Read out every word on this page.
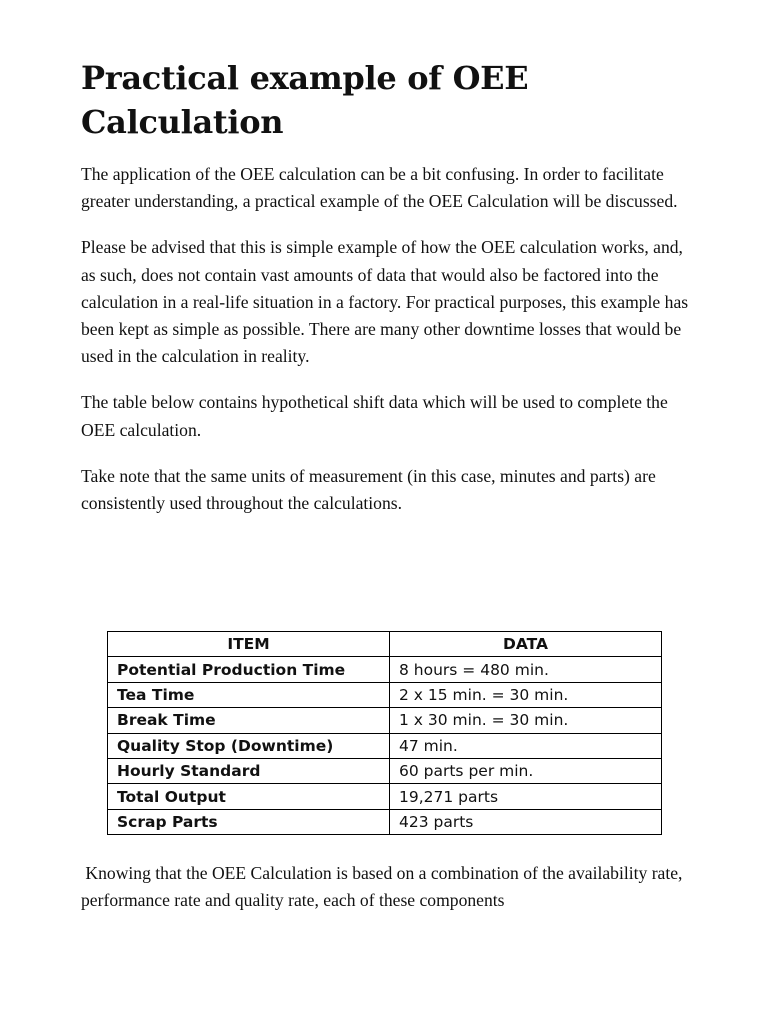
Practical example of OEE Calculation

The application of the OEE calculation can be a bit confusing. In order to facilitate greater understanding, a practical example of the OEE Calculation will be discussed.

Please be advised that this is simple example of how the OEE calculation works, and, as such, does not contain vast amounts of data that would also be factored into the calculation in a real-life situation in a factory. For practical purposes, this example has been kept as simple as possible. There are many other downtime losses that would be used in the calculation in reality.

The table below contains hypothetical shift data which will be used to complete the OEE calculation.

Take note that the same units of measurement (in this case, minutes and parts) are consistently used throughout the calculations.

ITEM	DATA
Potential Production Time	8 hours = 480 min.
Tea Time	2 x 15 min. = 30 min.
Break Time	1 x 30 min. = 30 min.
Quality Stop (Downtime)	47 min.
Hourly Standard	60 parts per min.
Total Output	19,271 parts
Scrap Parts	423 parts

Knowing that the OEE Calculation is based on a combination of the availability rate, performance rate and quality rate, each of these components
